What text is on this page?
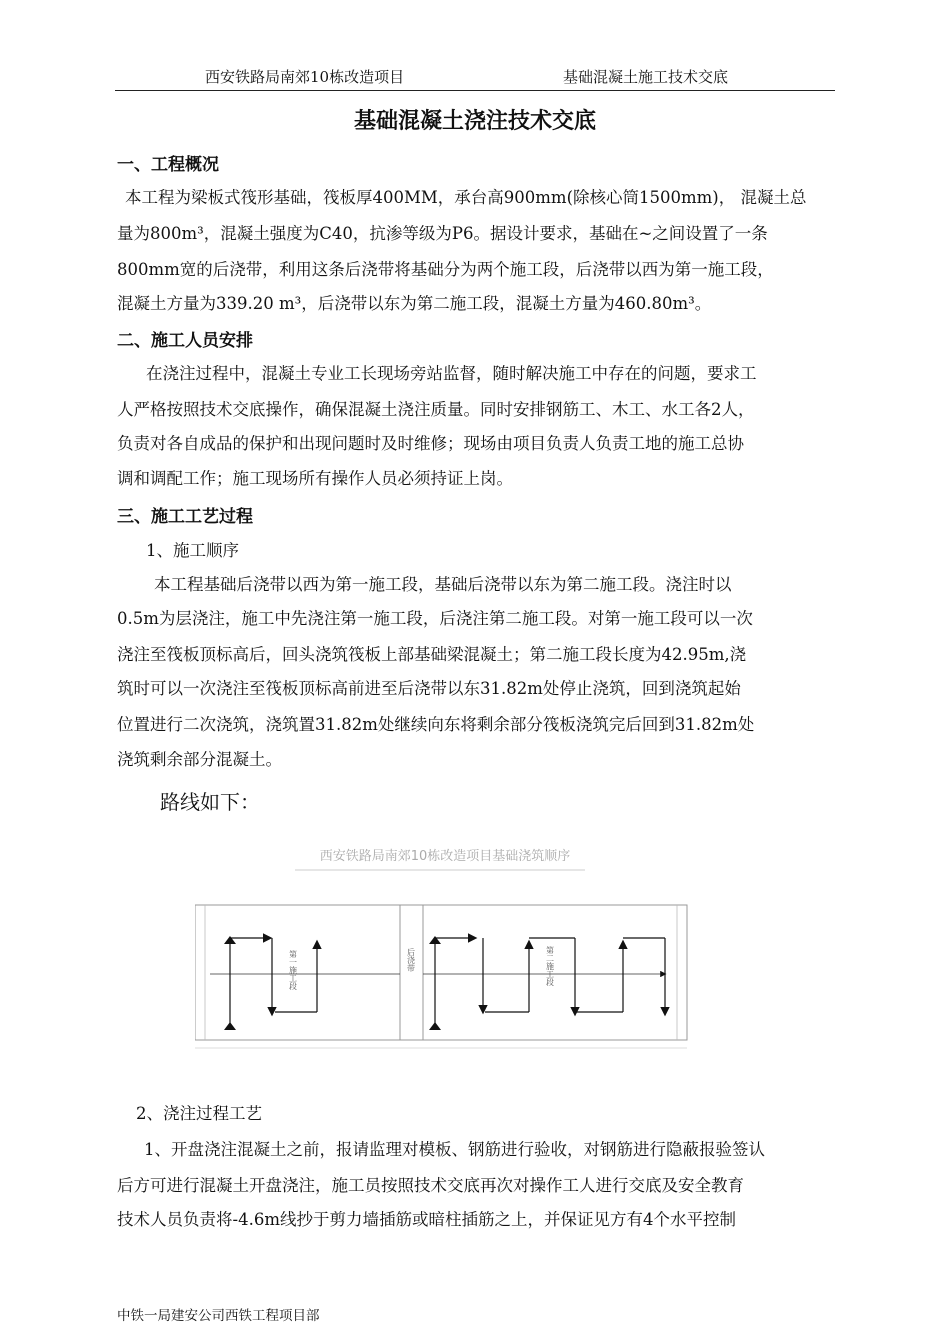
西安铁路局南郊10栋改造项目	基础混凝土施工技术交底
基础混凝土浇注技术交底
一、工程概况
本工程为梁板式筏形基础，筏板厚400MM，承台高900mm(除核心筒1500mm)， 混凝土总
量为800m³，混凝土强度为C40，抗渗等级为P6。据设计要求，基础在~之间设置了一条
800mm宽的后浇带，利用这条后浇带将基础分为两个施工段，后浇带以西为第一施工段，
混凝土方量为339.20 m³，后浇带以东为第二施工段，混凝土方量为460.80m³。
二、施工人员安排
在浇注过程中，混凝土专业工长现场旁站监督，随时解决施工中存在的问题，要求工
人严格按照技术交底操作，确保混凝土浇注质量。同时安排钢筋工、木工、水工各2人，
负责对各自成品的保护和出现问题时及时维修；现场由项目负责人负责工地的施工总协
调和调配工作；施工现场所有操作人员必须持证上岗。
三、施工工艺过程
1、施工顺序
本工程基础后浇带以西为第一施工段，基础后浇带以东为第二施工段。浇注时以
0.5m为层浇注，施工中先浇注第一施工段，后浇注第二施工段。对第一施工段可以一次
浇注至筏板顶标高后，回头浇筑筏板上部基础梁混凝土；第二施工段长度为42.95m,浇
筑时可以一次浇注至筏板顶标高前进至后浇带以东31.82m处停止浇筑，回到浇筑起始
位置进行二次浇筑，浇筑置31.82m处继续向东将剩余部分筏板浇筑完后回到31.82m处
浇筑剩余部分混凝土。
路线如下：
西安铁路局南郊10栋改造项目基础浇筑顺序
第一施工段	后浇带	第二施工段
2、浇注过程工艺
1、开盘浇注混凝土之前，报请监理对模板、钢筋进行验收，对钢筋进行隐蔽报验签认
后方可进行混凝土开盘浇注，施工员按照技术交底再次对操作工人进行交底及安全教育
技术人员负责将-4.6m线抄于剪力墙插筋或暗柱插筋之上，并保证见方有4个水平控制
中铁一局建安公司西铁工程项目部
